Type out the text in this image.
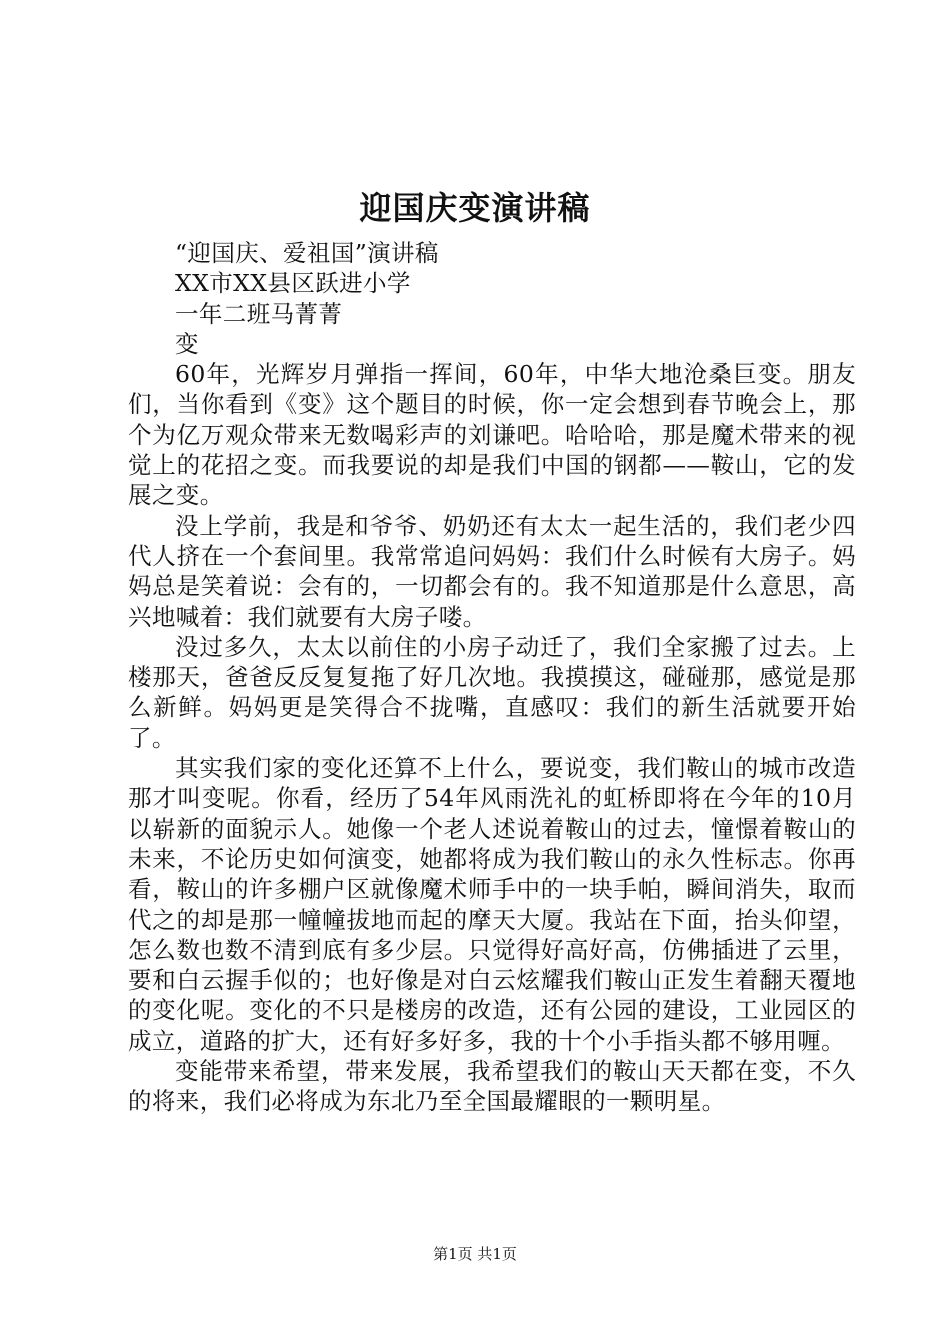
迎国庆变演讲稿

“迎国庆、爱祖国”演讲稿

XX市XX县区跃进小学

一年二班马菁菁

变

60年，光辉岁月弹指一挥间，60年，中华大地沧桑巨变。朋友们，当你看到《变》这个题目的时候，你一定会想到春节晚会上，那个为亿万观众带来无数喝彩声的刘谦吧。哈哈哈，那是魔术带来的视觉上的花招之变。而我要说的却是我们中国的钢都——鞍山，它的发展之变。

没上学前，我是和爷爷、奶奶还有太太一起生活的，我们老少四代人挤在一个套间里。我常常追问妈妈：我们什么时候有大房子。妈妈总是笑着说：会有的，一切都会有的。我不知道那是什么意思，高兴地喊着：我们就要有大房子喽。

没过多久，太太以前住的小房子动迁了，我们全家搬了过去。上楼那天，爸爸反反复复拖了好几次地。我摸摸这，碰碰那，感觉是那么新鲜。妈妈更是笑得合不拢嘴，直感叹：我们的新生活就要开始了。

其实我们家的变化还算不上什么，要说变，我们鞍山的城市改造那才叫变呢。你看，经历了54年风雨洗礼的虹桥即将在今年的10月以崭新的面貌示人。她像一个老人述说着鞍山的过去，憧憬着鞍山的未来，不论历史如何演变，她都将成为我们鞍山的永久性标志。你再看，鞍山的许多棚户区就像魔术师手中的一块手帕，瞬间消失，取而代之的却是那一幢幢拔地而起的摩天大厦。我站在下面，抬头仰望，怎么数也数不清到底有多少层。只觉得好高好高，仿佛插进了云里，要和白云握手似的；也好像是对白云炫耀我们鞍山正发生着翻天覆地的变化呢。变化的不只是楼房的改造，还有公园的建设，工业园区的成立，道路的扩大，还有好多好多，我的十个小手指头都不够用喱。

变能带来希望，带来发展，我希望我们的鞍山天天都在变，不久的将来，我们必将成为东北乃至全国最耀眼的一颗明星。

第1页 共1页
